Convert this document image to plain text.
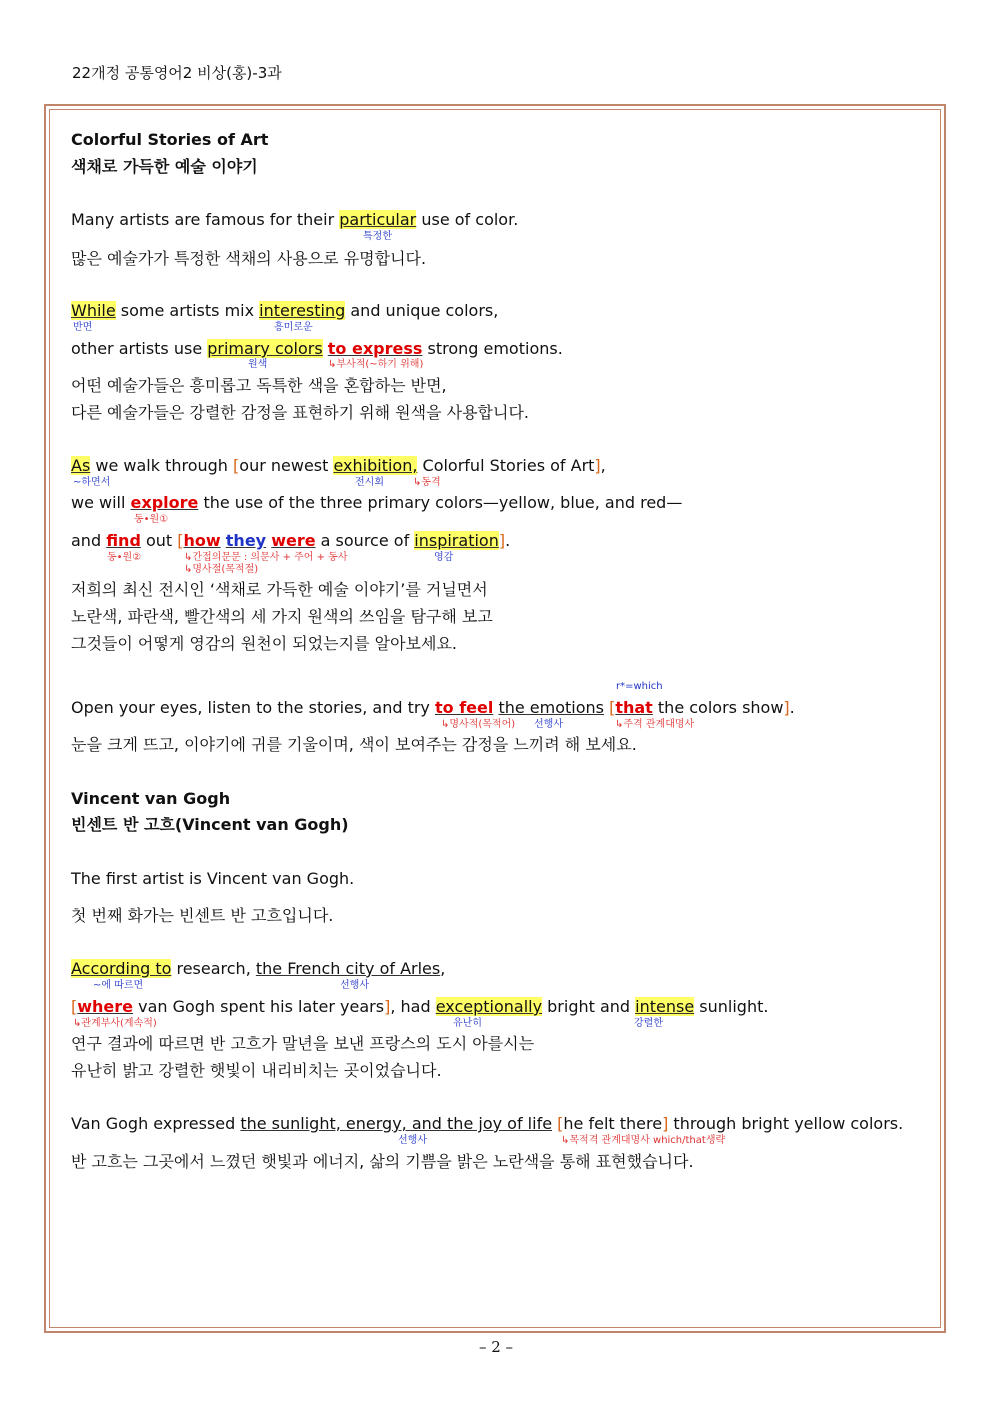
22개정 공통영어2 비상(홍)-3과
Colorful Stories of Art
색채로 가득한 예술 이야기
Many artists are famous for their particular use of color.
특정한
많은 예술가가 특정한 색채의 사용으로 유명합니다.
While some artists mix interesting and unique colors,
반면	흥미로운
other artists use primary colors to express strong emotions.
원색	↳부사적(~하기 위해)
어떤 예술가들은 흥미롭고 독특한 색을 혼합하는 반면,
다른 예술가들은 강렬한 감정을 표현하기 위해 원색을 사용합니다.
As we walk through [our newest exhibition, Colorful Stories of Art],
~하면서	전시회	↳동격
we will explore the use of the three primary colors—yellow, blue, and red—
동•원①
and find out [how they were a source of inspiration].
동•원②	↳간접의문문 : 의문사 + 주어 + 동사
↳명사절(목적절)
영감
저희의 최신 전시인 ‘색채로 가득한 예술 이야기’를 거닐면서
노란색, 파란색, 빨간색의 세 가지 원색의 쓰임을 탐구해 보고
그것들이 어떻게 영감의 원천이 되었는지를 알아보세요.
r*=which
Open your eyes, listen to the stories, and try to feel the emotions [that the colors show].
↳명사적(목적어) 선행사	↳주격 관계대명사
눈을 크게 뜨고, 이야기에 귀를 기울이며, 색이 보여주는 감정을 느끼려 해 보세요.
Vincent van Gogh
빈센트 반 고흐(Vincent van Gogh)
The first artist is Vincent van Gogh.
첫 번째 화가는 빈센트 반 고흐입니다.
According to research, the French city of Arles,
~에 따르면	선행사
[where van Gogh spent his later years], had exceptionally bright and intense sunlight.
↳관계부사(계속적)	유난히	강렬한
연구 결과에 따르면 반 고흐가 말년을 보낸 프랑스의 도시 아를시는
유난히 밝고 강렬한 햇빛이 내리비치는 곳이었습니다.
Van Gogh expressed the sunlight, energy, and the joy of life [he felt there] through bright yellow colors.
선행사	↳목적격 관계대명사 which/that생략
반 고흐는 그곳에서 느꼈던 햇빛과 에너지, 삶의 기쁨을 밝은 노란색을 통해 표현했습니다.
– 2 –
